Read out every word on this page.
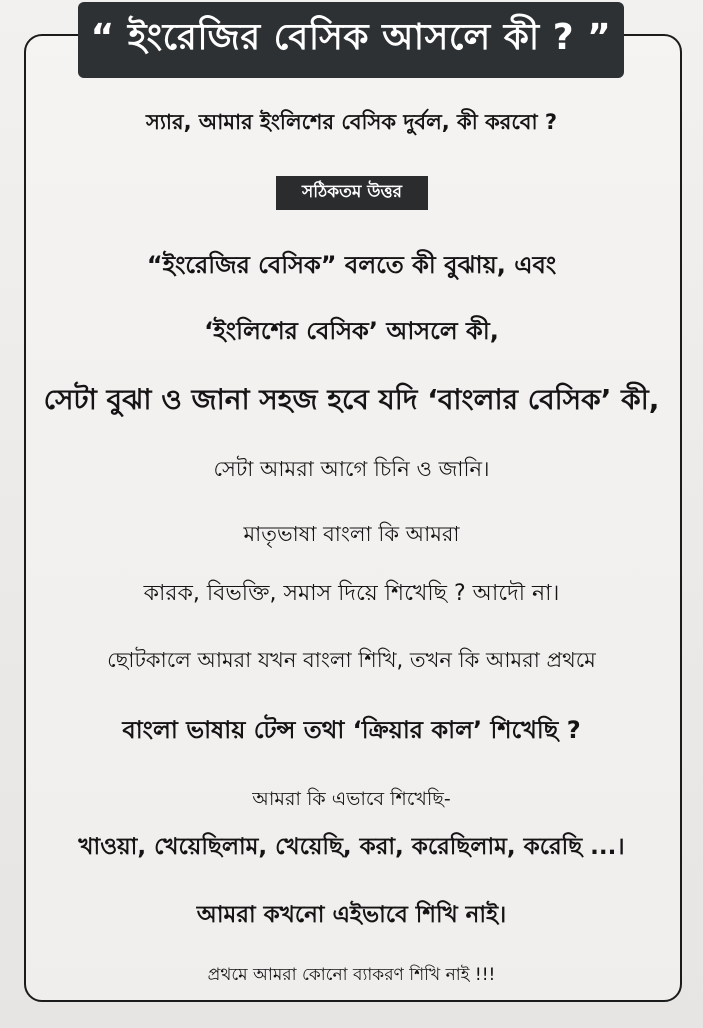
“ ইংরেজির বেসিক আসলে কী ? ”
স্যার, আমার ইংলিশের বেসিক দুর্বল, কী করবো ?
সঠিকতম উত্তর
“ইংরেজির বেসিক” বলতে কী বুঝায়, এবং
‘ইংলিশের বেসিক’ আসলে কী,
সেটা বুঝা ও জানা সহজ হবে যদি ‘বাংলার বেসিক’ কী,
সেটা আমরা আগে চিনি ও জানি।
মাতৃভাষা বাংলা কি আমরা
কারক, বিভক্তি, সমাস দিয়ে শিখেছি ? আদৌ না।
ছোটকালে আমরা যখন বাংলা শিখি, তখন কি আমরা প্রথমে
বাংলা ভাষায় টেন্স তথা ‘ক্রিয়ার কাল’ শিখেছি ?
আমরা কি এভাবে শিখেছি-
খাওয়া, খেয়েছিলাম, খেয়েছি, করা, করেছিলাম, করেছি ...।
আমরা কখনো এইভাবে শিখি নাই।
প্রথমে আমরা কোনো ব্যাকরণ শিখি নাই !!!
